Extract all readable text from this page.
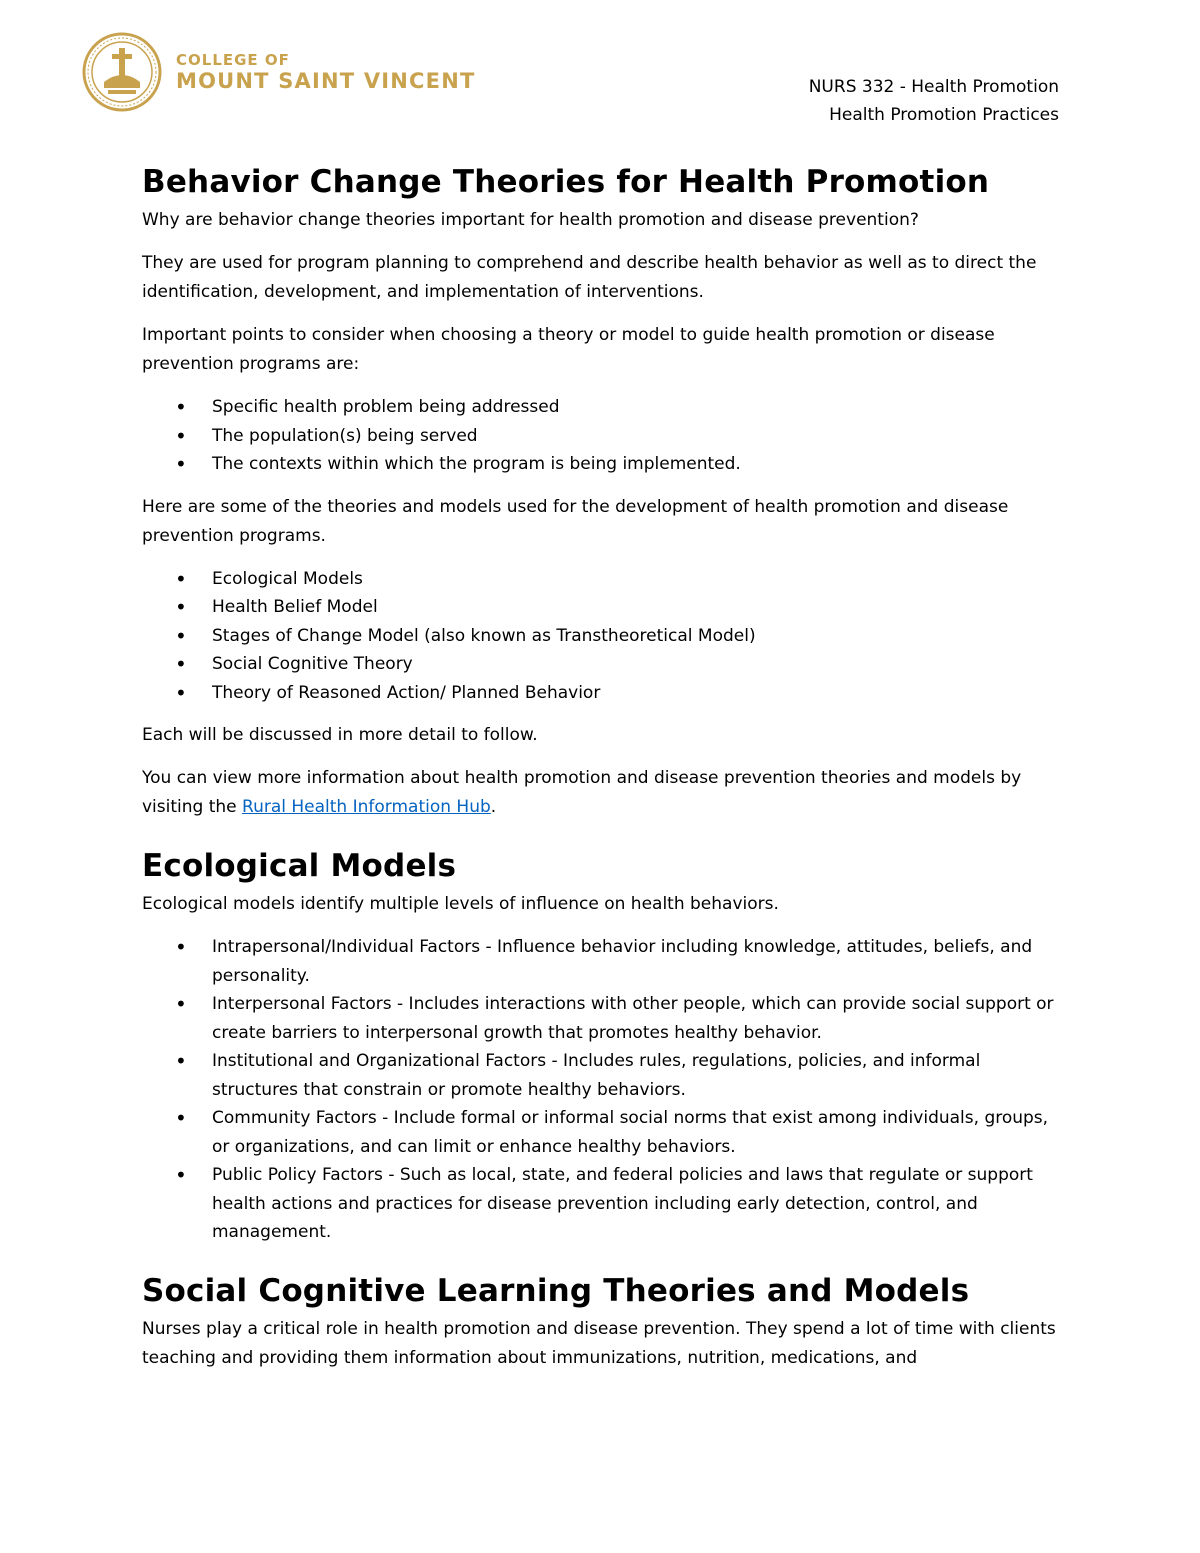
COLLEGE OF
MOUNT SAINT VINCENT	NURS 332 - Health Promotion
Health Promotion Practices
Behavior Change Theories for Health Promotion

Why are behavior change theories important for health promotion and disease prevention?

They are used for program planning to comprehend and describe health behavior as well as to direct the identification, development, and implementation of interventions.

Important points to consider when choosing a theory or model to guide health promotion or disease prevention programs are:

• Specific health problem being addressed
• The population(s) being served
• The contexts within which the program is being implemented.

Here are some of the theories and models used for the development of health promotion and disease prevention programs.

• Ecological Models
• Health Belief Model
• Stages of Change Model (also known as Transtheoretical Model)
• Social Cognitive Theory
• Theory of Reasoned Action/ Planned Behavior

Each will be discussed in more detail to follow.

You can view more information about health promotion and disease prevention theories and models by visiting the Rural Health Information Hub.

Ecological Models

Ecological models identify multiple levels of influence on health behaviors.

• Intrapersonal/Individual Factors - Influence behavior including knowledge, attitudes, beliefs, and personality.
• Interpersonal Factors - Includes interactions with other people, which can provide social support or create barriers to interpersonal growth that promotes healthy behavior.
• Institutional and Organizational Factors - Includes rules, regulations, policies, and informal structures that constrain or promote healthy behaviors.
• Community Factors - Include formal or informal social norms that exist among individuals, groups, or organizations, and can limit or enhance healthy behaviors.
• Public Policy Factors - Such as local, state, and federal policies and laws that regulate or support health actions and practices for disease prevention including early detection, control, and management.
Social Cognitive Learning Theories and Models

Nurses play a critical role in health promotion and disease prevention. They spend a lot of time with clients teaching and providing them information about immunizations, nutrition, medications, and
